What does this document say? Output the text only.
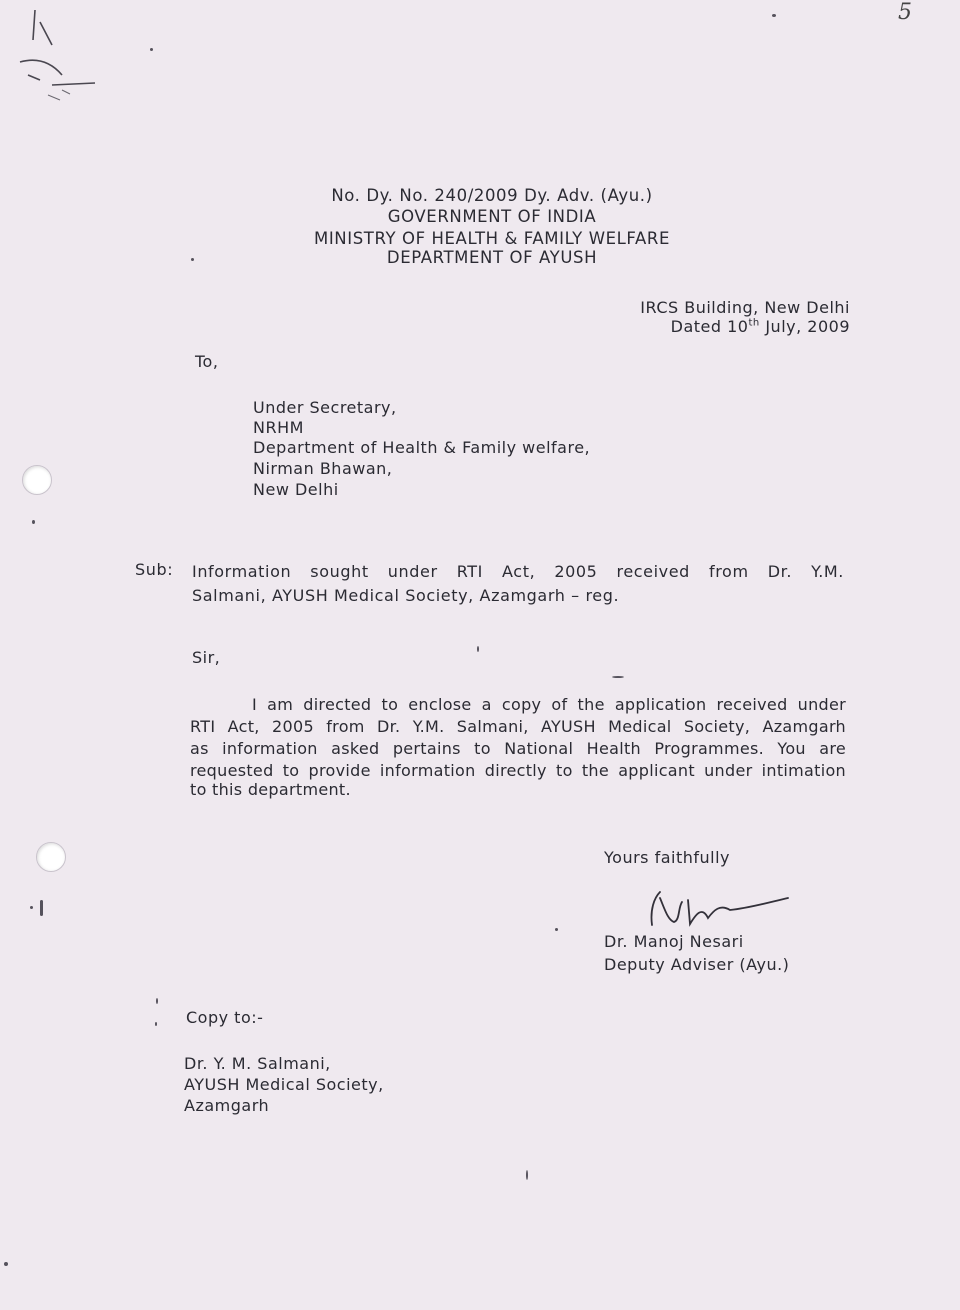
5
No. Dy. No. 240/2009 Dy. Adv. (Ayu.)
GOVERNMENT OF INDIA
MINISTRY OF HEALTH & FAMILY WELFARE
DEPARTMENT OF AYUSH
IRCS Building, New Delhi
Dated 10th July, 2009
To,
Under Secretary,
NRHM
Department of Health & Family welfare,
Nirman Bhawan,
New Delhi
Sub: Information sought under RTI Act, 2005 received from Dr. Y.M.
Salmani, AYUSH Medical Society, Azamgarh – reg.
Sir,
I am directed to enclose a copy of the application received under
RTI Act, 2005 from Dr. Y.M. Salmani, AYUSH Medical Society, Azamgarh
as information asked pertains to National Health Programmes. You are
requested to provide information directly to the applicant under intimation
to this department.
Yours faithfully
Dr. Manoj Nesari
Deputy Adviser (Ayu.)
Copy to:-
Dr. Y. M. Salmani,
AYUSH Medical Society,
Azamgarh
